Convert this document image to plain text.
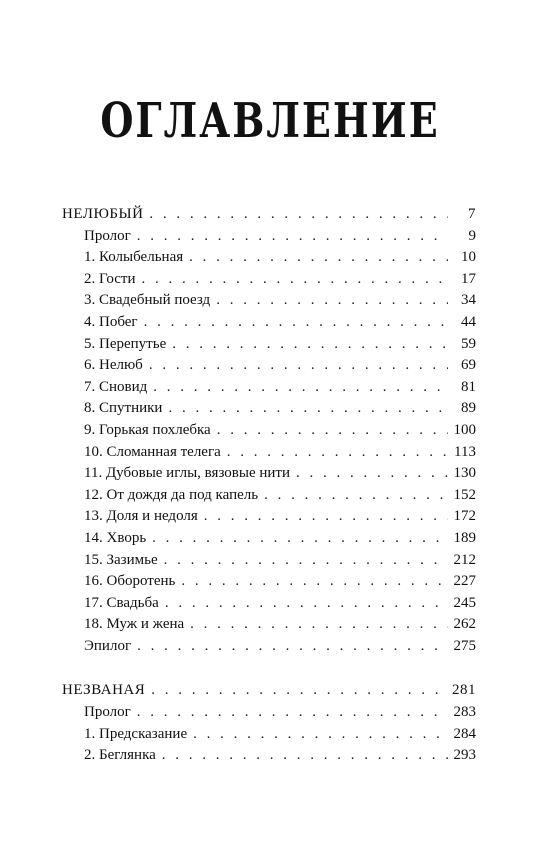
ОГЛАВЛЕНИЕ
НЕЛЮБЫЙ . . .	7
Пролог . . .	9
1. Колыбельная . . .	10
2. Гости . . .	17
3. Свадебный поезд . . .	34
4. Побег . . .	44
5. Перепутье . . .	59
6. Нелюб . . .	69
7. Сновид . . .	81
8. Спутники . . .	89
9. Горькая похлебка . . .	100
10. Сломанная телега . . .	113
11. Дубовые иглы, вязовые нити . . .	130
12. От дождя да под капель . . .	152
13. Доля и недоля . . .	172
14. Хворь . . .	189
15. Зазимье . . .	212
16. Оборотень . . .	227
17. Свадьба . . .	245
18. Муж и жена . . .	262
Эпилог . . .	275
НЕЗВАНАЯ . . .	281
Пролог . . .	283
1. Предсказание . . .	284
2. Беглянка . . .	293
